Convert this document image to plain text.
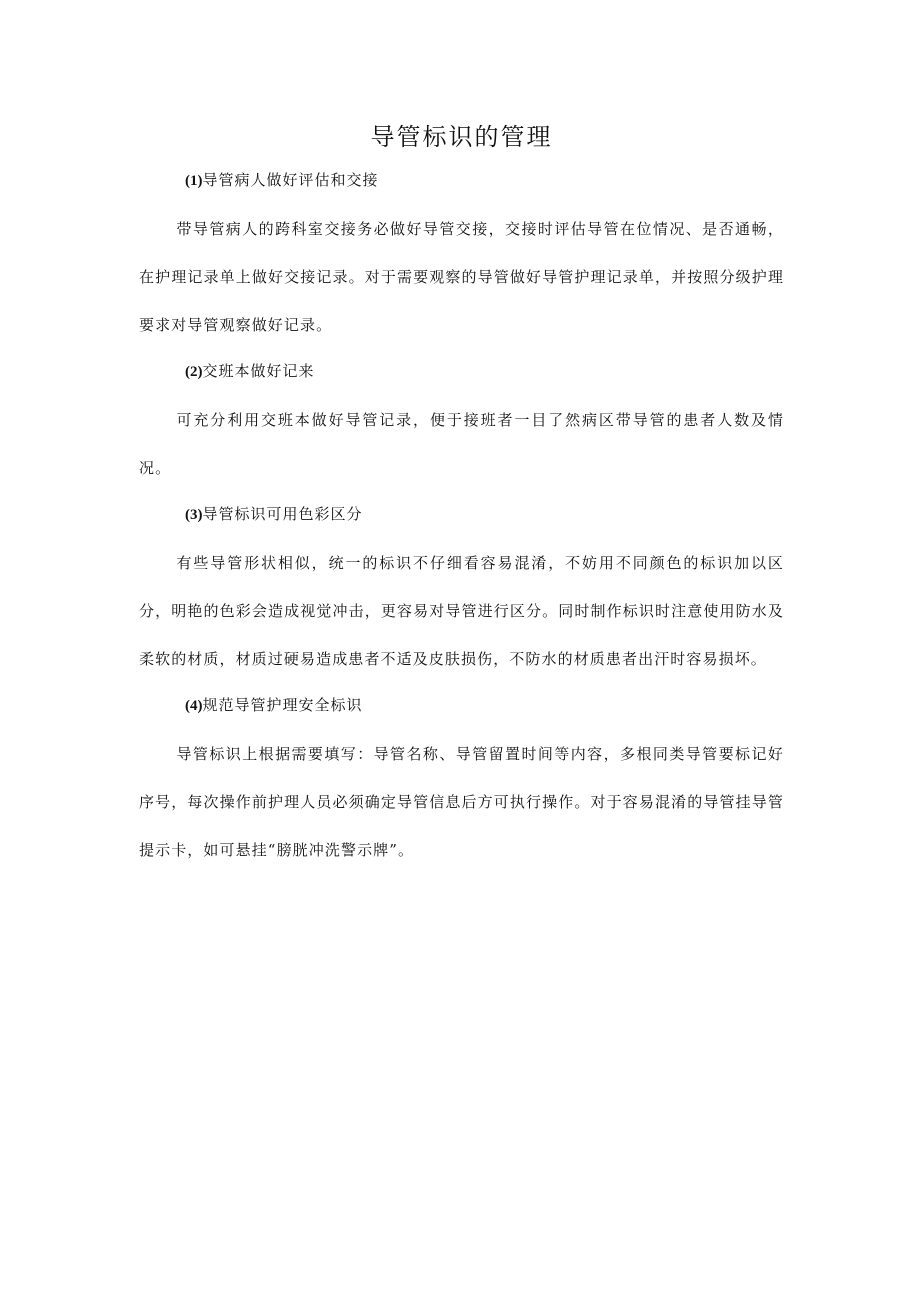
导管标识的管理

(1)导管病人做好评估和交接

带导管病人的跨科室交接务必做好导管交接，交接时评估导管在位情况、是否通畅，在护理记录单上做好交接记录。对于需要观察的导管做好导管护理记录单，并按照分级护理要求对导管观察做好记录。

(2)交班本做好记来

可充分利用交班本做好导管记录，便于接班者一目了然病区带导管的患者人数及情况。

(3)导管标识可用色彩区分

有些导管形状相似，统一的标识不仔细看容易混淆，不妨用不同颜色的标识加以区分，明艳的色彩会造成视觉冲击，更容易对导管进行区分。同时制作标识时注意使用防水及柔软的材质，材质过硬易造成患者不适及皮肤损伤，不防水的材质患者出汗时容易损坏。

(4)规范导管护理安全标识

导管标识上根据需要填写：导管名称、导管留置时间等内容，多根同类导管要标记好序号，每次操作前护理人员必须确定导管信息后方可执行操作。对于容易混淆的导管挂导管提示卡，如可悬挂“膀胱冲洗警示牌”。
